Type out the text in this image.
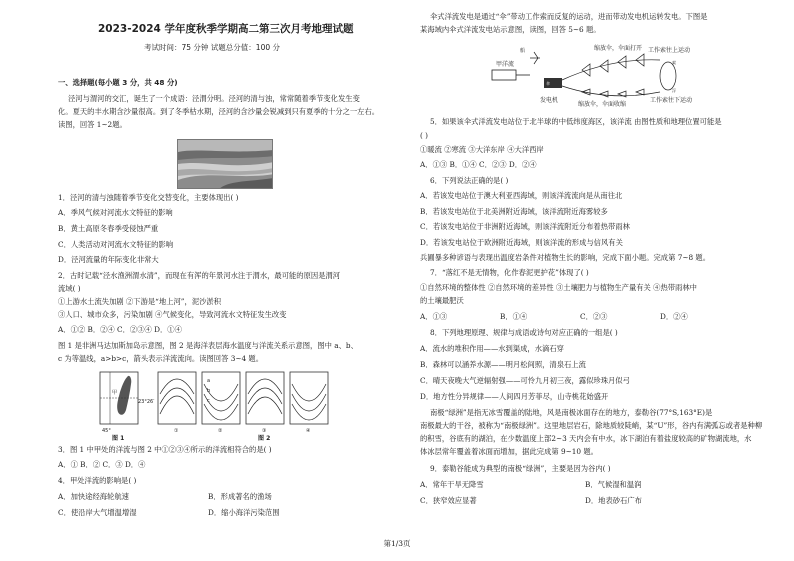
2023-2024 学年度秋季学期高二第三次月考地理试题
考试时间：75 分钟 试题总分值：100 分
一、选择题(每小题 3 分，共 48 分)
泾河与渭河的交汇，诞生了一个成语：泾渭分明。泾河的清与浊，常常随着季节变化发生变
化。夏天的丰水期含沙量很高。到了冬季枯水期，泾河的含沙量会锐减到只有夏季的十分之一左右。
读图，回答 1~2题。
1．泾河的清与浊随着季节变化交替变化，主要体现出( )
A．季风气候对河流水文特征的影响
B．黄土高原冬春季受侵蚀严重
C．人类活动对河流水文特征的影响
D．泾河流量的年际变化非常大
2．古时记载“泾水渔洲渭水清”，而现在有浑的年景河水注于渭水，最可能的原因是渭河
流域( )
①上游水土流失加剧 ②下游是“地上河”，泥沙淤积
③人口、城市众多，污染加剧 ④气候变化，导致河流水文特征发生改变
A．①② B．②④ C．②③④ D．①④
图 1 是非洲马达加斯加岛示意图，图 2 是海洋表层海水温度与洋流关系示意图，图中 a、b、
c 为等温线，a>b>c，箭头表示洋流流向。读图回答 3~4 题。
甲
23°26′
45°
图 1
①
a
b
c
②	③	④
图 2
3．图 1 中甲处的洋流与图 2 中①②③④所示的洋流相符合的是( )
A．① B．② C．③ D．④
4．甲处洋流的影响是( )
A．加快途经海轮航速	B．形成著名的渔场
C．使沿岸大气增温增湿	D．缩小海洋污染范围
伞式洋流发电是通过“伞”带动工作索而反复的运动，进而带动发电机运转发电。下图是
某海域内伞式洋流发电站示意图，读图，回答 5~6 题。
甲洋流
船
伞
索
浮
缩放伞，伞面打开 工作索往上运动
发电机
缩放伞，伞面收缩
工作索往下运动
5．如果该伞式洋流发电站位于北半球的中低纬度海区，该洋流 由图性质和地理位置可能是
( )
①暖流 ②寒流 ③大洋东岸 ④大洋西岸
A．①③ B．①④ C．②③ D．②④
6．下列说法正确的是( )
A．若该发电站位于澳大利亚西海域，则该洋流流向是从南往北
B．若该发电站位于北美洲附近海域，该洋流附近海雾较多
C．若该发电站位于非洲附近海域，则该洋流附近分布着热带雨林
D．若该发电站位于欧洲附近海域，则该洋流的形成与信风有关
兵圃暴多种谚语与表现出温度岩条件对植物生长的影响，完成下面小题。完成第 7~8 题。
7．“落红不是无情物，化作春泥更护花”体现了( )
①自然环境的整体性 ②自然环境的差异性 ③土壤肥力与植物生产量有关 ④热带雨林中
的土壤最肥沃
A．①③	B．①④	C．②③	D．②④
8．下列地理原理、规律与成语或诗句对应正确的一组是( )
A．流水的堆积作用——水到渠成，水滴石穿
B．森林可以涵养水源——明月松间照，清泉石上流
C．晴天夜晚大气逆辐射强——可怜九月初三夜，露似珍珠月似弓
D．地方性分异规律——人间四月芳菲尽，山寺桃花始盛开
南极“绿洲”是指无冰雪覆盖的陆地，风是南极冰面存在的地方，泰勒谷(77°S,163°E)是
南极最大的干谷，被称为“南极绿洲”。这里地层岩石，除地质较陡峭，某“U”形，谷内有满弧忘或者是种柳
的积雪，谷底有的湖泊，在少数温度上部2~3 天内会有中水，冰下湖泊有着盐度较高的矿物湖流地，水
体冰层常年覆盖着冰面而增加，据此完成第 9~10 题。
9．泰勒谷能成为典型的南极“绿洲”，主要是因为谷内( )
A．常年干旱无降雪	B．气候湿和温润
C．狭窄效应显著	D．地表砂石广布
第1/3页
